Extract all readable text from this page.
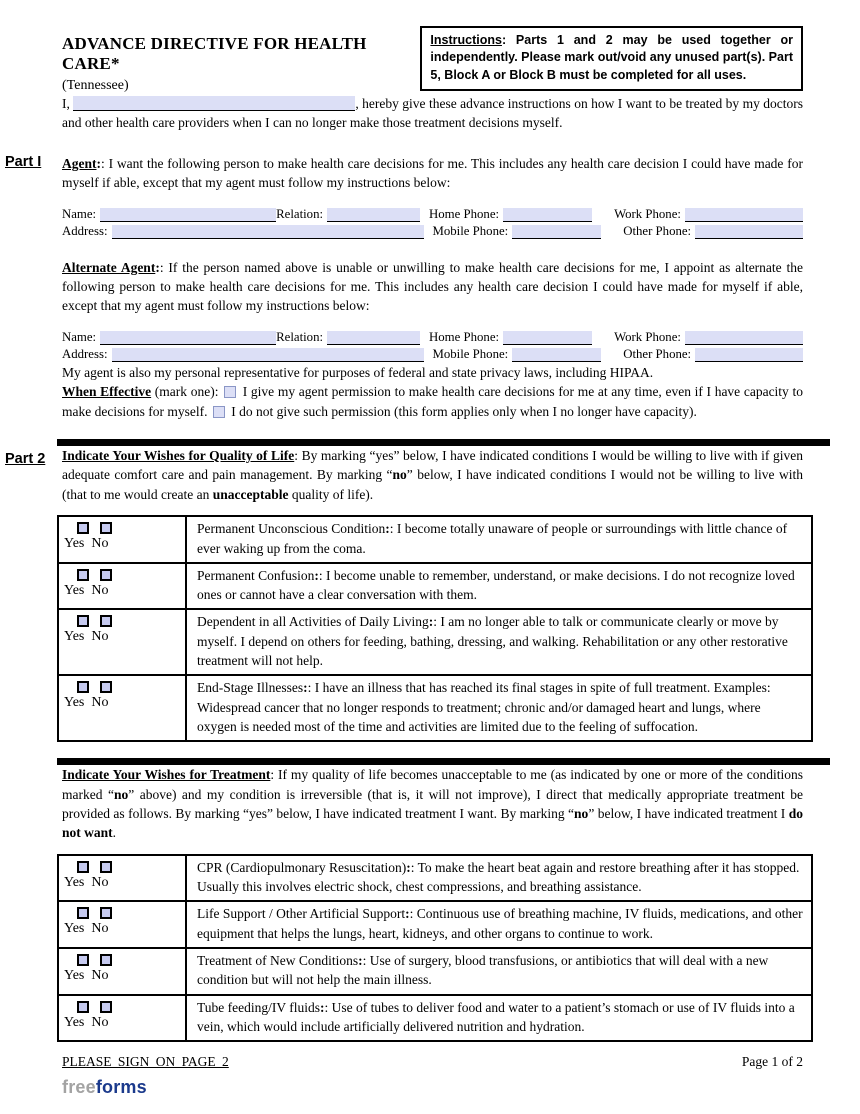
ADVANCE DIRECTIVE FOR HEALTH CARE*
(Tennessee)
Instructions: Parts 1 and 2 may be used together or independently. Please mark out/void any unused part(s). Part 5, Block A or Block B must be completed for all uses.

I,	, hereby give these advance instructions on how I want to be treated by my doctors and other health care providers when I can no longer make those treatment decisions myself.

Part I Agent:: I want the following person to make health care decisions for me. This includes any health care decision I could have made for myself if able, except that my agent must follow my instructions below:

Name:	Relation:	Home Phone:	Work Phone:
Address:	Mobile Phone:	Other Phone:

Alternate Agent:: If the person named above is unable or unwilling to make health care decisions for me, I appoint as alternate the following person to make health care decisions for me. This includes any health care decision I could have made for myself if able, except that my agent must follow my instructions below:

Name:	Relation:	Home Phone:	Work Phone:
Address:	Mobile Phone:	Other Phone:

My agent is also my personal representative for purposes of federal and state privacy laws, including HIPAA.

When Effective (mark one):  I give my agent permission to make health care decisions for me at any time, even if I have capacity to make decisions for myself.  I do not give such permission (this form applies only when I no longer have capacity).

Part 2 Indicate Your Wishes for Quality of Life: By marking “yes” below, I have indicated conditions I would be willing to live with if given adequate comfort care and pain management. By marking “no” below, I have indicated conditions I would not be willing to live with (that to me would create an unacceptable quality of life).

Yes No
Permanent Unconscious Condition:: I become totally unaware of people or surroundings with little chance of ever waking up from the coma.
Yes No
Permanent Confusion:: I become unable to remember, understand, or make decisions. I do not recognize loved ones or cannot have a clear conversation with them.
Yes No
Dependent in all Activities of Daily Living:: I am no longer able to talk or communicate clearly or move by myself. I depend on others for feeding, bathing, dressing, and walking. Rehabilitation or any other restorative treatment will not help.
Yes No
End-Stage Illnesses:: I have an illness that has reached its final stages in spite of full treatment. Examples: Widespread cancer that no longer responds to treatment; chronic and/or damaged heart and lungs, where oxygen is needed most of the time and activities are limited due to the feeling of suffocation.

Indicate Your Wishes for Treatment: If my quality of life becomes unacceptable to me (as indicated by one or more of the conditions marked “no” above) and my condition is irreversible (that is, it will not improve), I direct that medically appropriate treatment be provided as follows. By marking “yes” below, I have indicated treatment I want. By marking “no” below, I have indicated treatment I do not want.

Yes No
CPR (Cardiopulmonary Resuscitation):: To make the heart beat again and restore breathing after it has stopped. Usually this involves electric shock, chest compressions, and breathing assistance.
Yes No
Life Support / Other Artificial Support:: Continuous use of breathing machine, IV fluids, medications, and other equipment that helps the lungs, heart, kidneys, and other organs to continue to work.
Yes No
Treatment of New Conditions:: Use of surgery, blood transfusions, or antibiotics that will deal with a new condition but will not help the main illness.
Yes No
Tube feeding/IV fluids:: Use of tubes to deliver food and water to a patient’s stomach or use of IV fluids into a vein, which would include artificially delivered nutrition and hydration.
PLEASE SIGN ON PAGE 2	Page 1 of 2
freeforms
